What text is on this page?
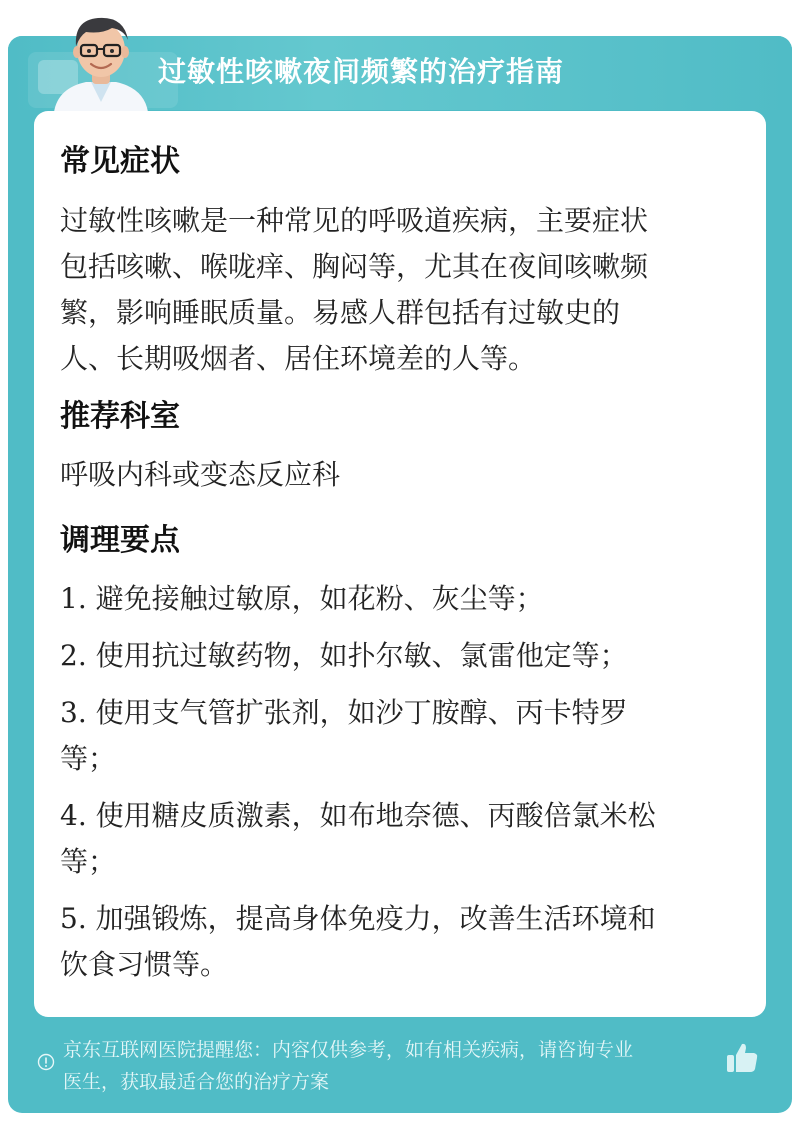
过敏性咳嗽夜间频繁的治疗指南
常见症状

过敏性咳嗽是一种常见的呼吸道疾病，主要症状

包括咳嗽、喉咙痒、胸闷等，尤其在夜间咳嗽频

繁，影响睡眠质量。易感人群包括有过敏史的

人、长期吸烟者、居住环境差的人等。

推荐科室

呼吸内科或变态反应科

调理要点

1. 避免接触过敏原，如花粉、灰尘等；

2. 使用抗过敏药物，如扑尔敏、氯雷他定等；

3. 使用支气管扩张剂，如沙丁胺醇、丙卡特罗

等；

4. 使用糖皮质激素，如布地奈德、丙酸倍氯米松

等；

5. 加强锻炼，提高身体免疫力，改善生活环境和

饮食习惯等。

京东互联网医院提醒您：内容仅供参考，如有相关疾病，请咨询专业
医生，获取最适合您的治疗方案
